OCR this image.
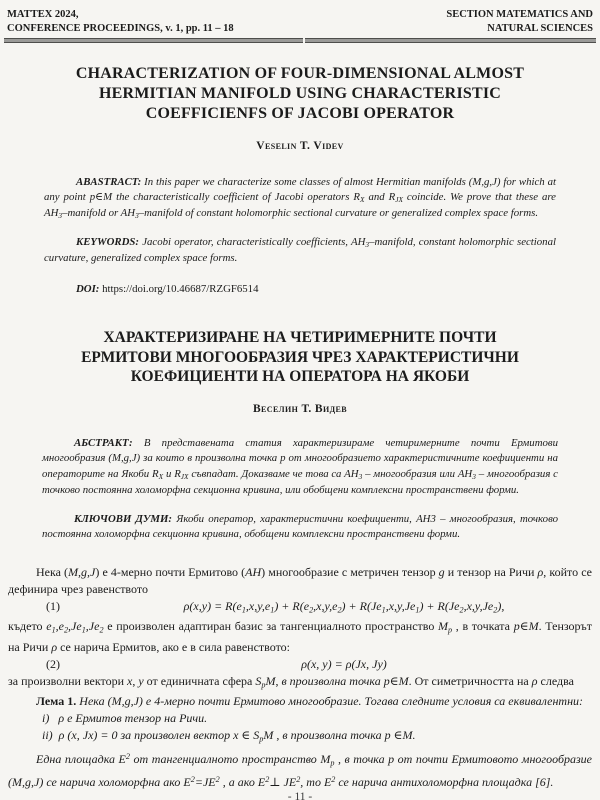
MATTEX 2024,
CONFERENCE PROCEEDINGS, v. 1, pp. 11 – 18
SECTION MATEMATICS AND
NATURAL SCIENCES
CHARACTERIZATION OF FOUR-DIMENSIONAL ALMOST
HERMITIAN MANIFOLD USING CHARACTERISTIC
COEFFICIENFS OF JACOBI OPERATOR
Veselin T. Videv
ABASTRACT: In this paper we characterize some classes of almost Hermitian manifolds (M,g,J) for which at any point p∈M the characteristically coefficient of Jacobi operators $R_X$ and $R_{JX}$ coincide. We prove that these are $AH_3$–manifold or $AH_3$–manifold of constant holomorphic sectional curvature or generalized complex space forms.
KEYWORDS: Jacobi operator, characteristically coefficients, $AH_3$–manifold, constant holomorphic sectional curvature, generalized complex space forms.
DOI: https://doi.org/10.46687/RZGF6514
ХАРАКТЕРИЗИРАНЕ НА ЧЕТИРИМЕРНИТЕ ПОЧТИ
ЕРМИТОВИ МНОГООБРАЗИЯ ЧРЕЗ ХАРАКТЕРИСТИЧНИ
КОЕФИЦИЕНТИ НА ОПЕРАТОРА НА ЯКОБИ
Веселин Т. Видев
АБСТРАКТ: В представената статия характеризираме четиримерните почти Ермитови многообразия (M,g,J) за които в произволна точка p от многообразието характеристичните коефициенти на операторите на Якоби $R_X$ и $R_{JX}$ съвпадат. Доказваме че това са $AH_3$ – многообразия или $AH_3$ – многообразия с точково постоянна холоморфна секционна кривина, или обобщени комплексни пространствени форми.
КЛЮЧОВИ ДУМИ: Якоби оператор, характеристични коефициенти, AH3 – многообразия, точково постоянна холоморфна секционна кривина, обобщени комплексни пространствени форми.
Нека (M,g,J) е 4-мерно почти Ермитово (AH) многообразие с метричен тензор g и тензор на Ричи ρ, който се дефинира чрез равенството
(1)	$\rho(x,y) = R(e_1,x,y,e_1) + R(e_2,x,y,e_2) + R(Je_1,x,y,Je_1) + R(Je_2,x,y,Je_2)$,
където $e_1,e_2,Je_1,Je_2$ е произволен адаптиран базис за тангенциалното пространство $M_p$ , в точката p∈M. Тензорът на Ричи ρ се нарича Ермитов, ако е в сила равенството:
(2)	ρ(x, y) = ρ(Jx, Jy)
за произволни вектори x, y от единичната сфера $S_pM$, в произволна точка p∈M. От симетричността на ρ следва
Лема 1. Нека (M,g,J) е 4-мерно почти Ермитово многообразие. Тогава следните условия са еквивалентни:
i)   ρ е Ермитов тензор на Ричи.
ii)  ρ (x, Jx) = 0 за произволен вектор x ∈ $S_pM$ , в произволна точка p ∈M.
Една площадка $E^2$ от тангенциалното пространство $M_p$ , в точка p от почти Ермитовото многообразие (M,g,J) се нарича холоморфна ако $E^2=JE^2$ , а ако $E^2\perp$ $JE^2$, то $E^2$ се нарича антихоломорфна площадка [6].
- 11 -
